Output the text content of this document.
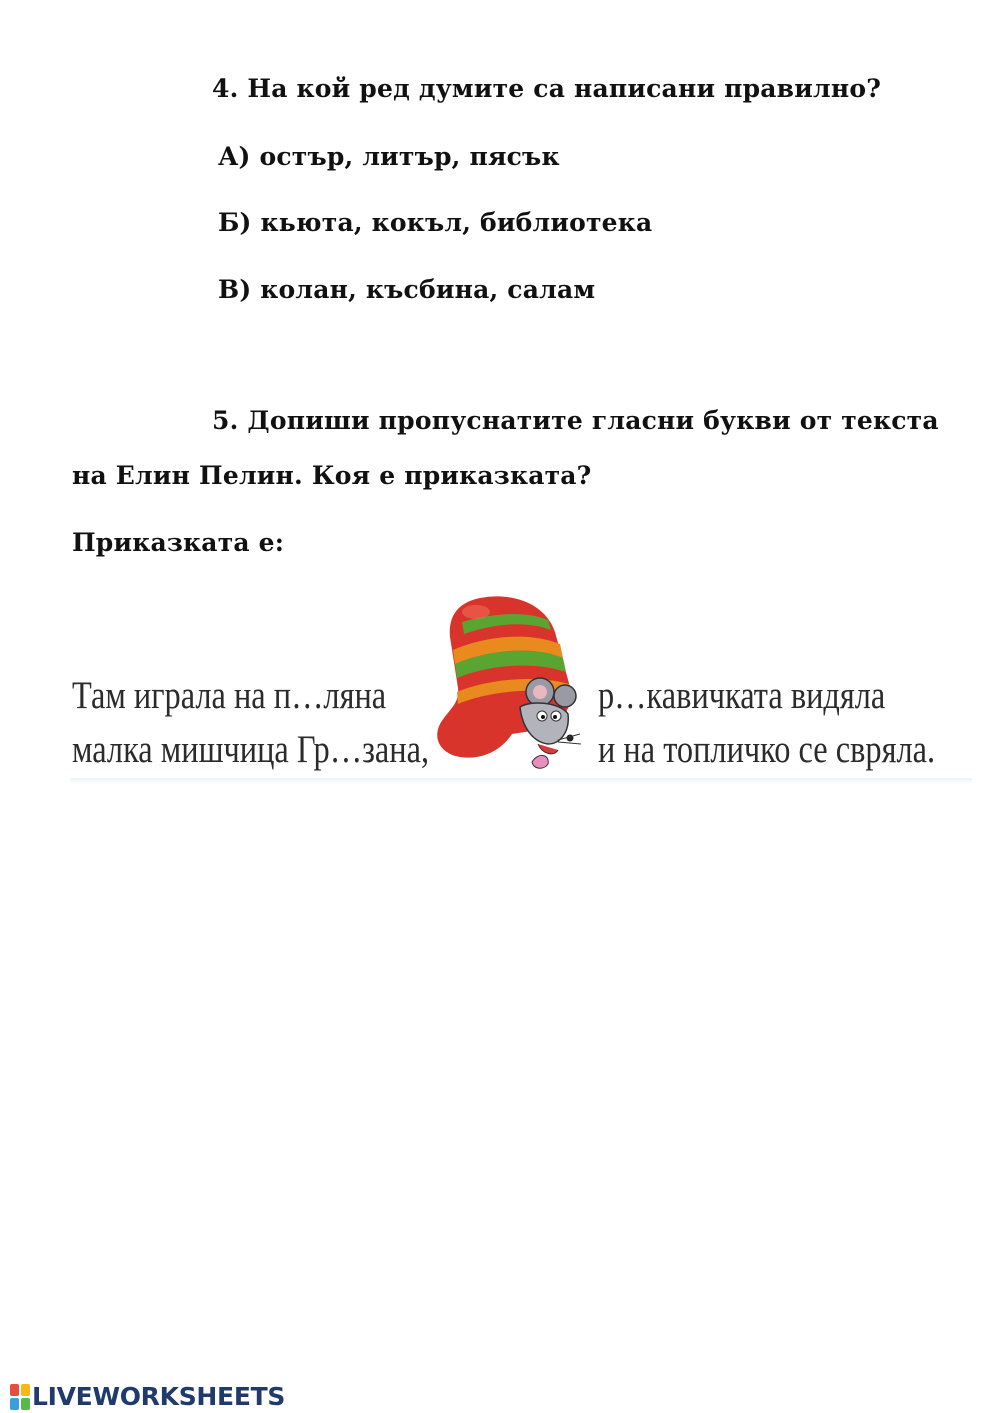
4. На кой ред думите са написани правилно?
А) остър, литър, пясък
Б) кьюта, кокъл, библиотека
В) колан, късбина, салам
5. Допиши пропуснатите гласни букви от текста
на Елин Пелин. Коя е приказката?
Приказката е:
Там играла на п…ляна
малка мишчица Гр…зана,
р…кавичката видяла
и на топличко се свряла.
LIVEWORKSHEETS
